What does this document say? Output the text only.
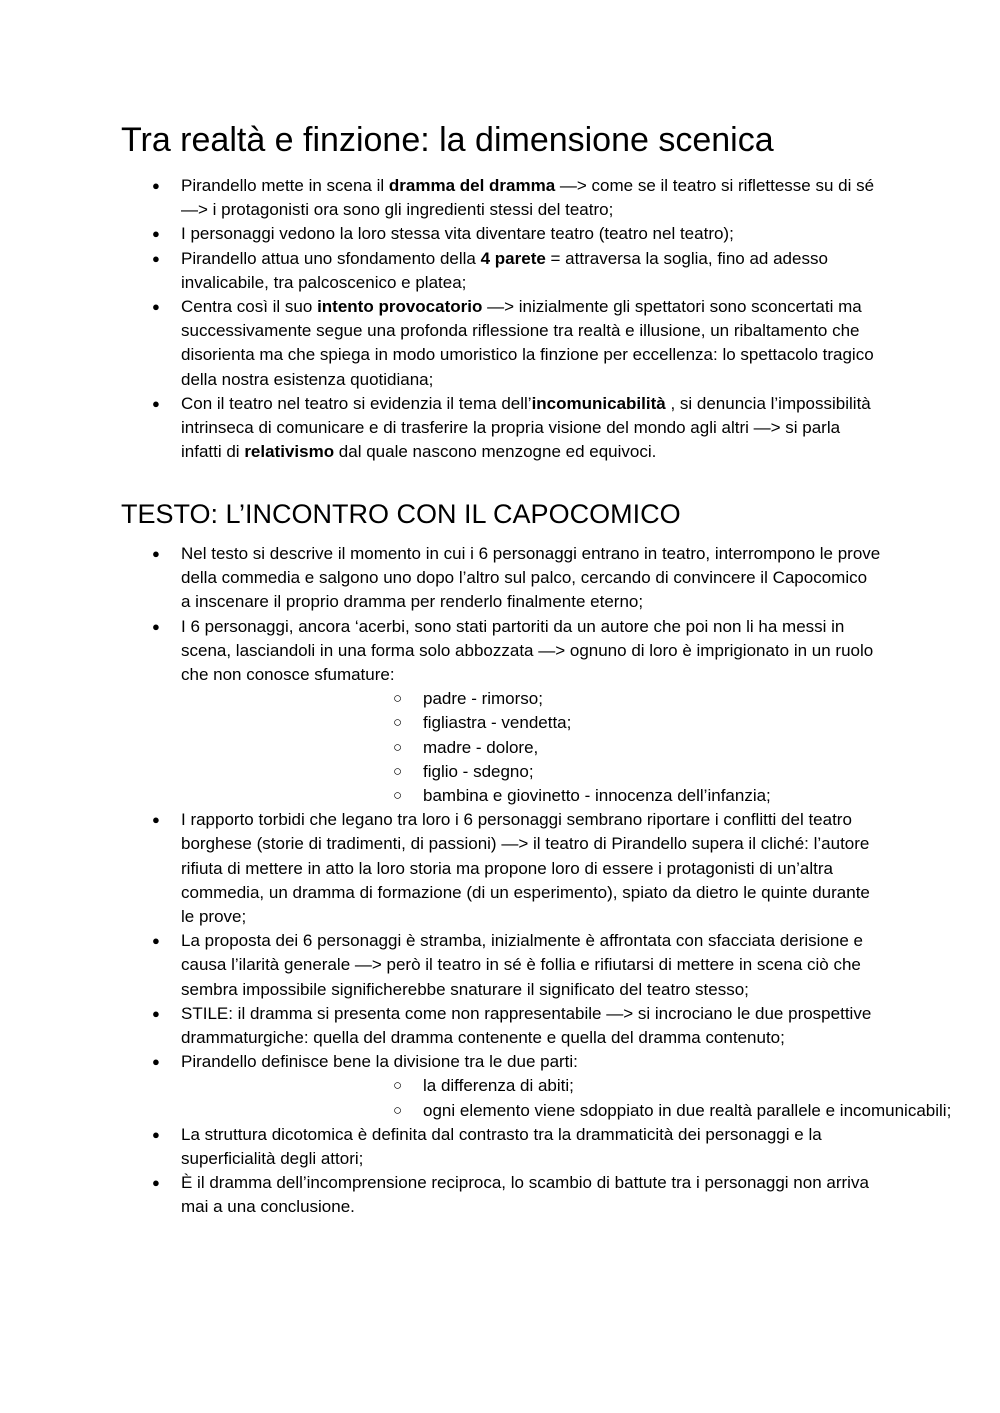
Tra realtà e finzione: la dimensione scenica
● Pirandello mette in scena il dramma del dramma —> come se il teatro si riflettesse su di sé —> i protagonisti ora sono gli ingredienti stessi del teatro;
● I personaggi vedono la loro stessa vita diventare teatro (teatro nel teatro);
● Pirandello attua uno sfondamento della 4 parete = attraversa la soglia, fino ad adesso invalicabile, tra palcoscenico e platea;
● Centra così il suo intento provocatorio —> inizialmente gli spettatori sono sconcertati ma successivamente segue una profonda riflessione tra realtà e illusione, un ribaltamento che disorienta ma che spiega in modo umoristico la finzione per eccellenza: lo spettacolo tragico della nostra esistenza quotidiana;
● Con il teatro nel teatro si evidenzia il tema dell’incomunicabilità , si denuncia l’impossibilità intrinseca di comunicare e di trasferire la propria visione del mondo agli altri —> si parla infatti di relativismo dal quale nascono menzogne ed equivoci.
TESTO: L’INCONTRO CON IL CAPOCOMICO
● Nel testo si descrive il momento in cui i 6 personaggi entrano in teatro, interrompono le prove della commedia e salgono uno dopo l’altro sul palco, cercando di convincere il Capocomico a inscenare il proprio dramma per renderlo finalmente eterno;
● I 6 personaggi, ancora ‘acerbi, sono stati partoriti da un autore che poi non li ha messi in scena, lasciandoli in una forma solo abbozzata —> ognuno di loro è imprigionato in un ruolo che non conosce sfumature:
○ padre - rimorso;
○ figliastra - vendetta;
○ madre - dolore,
○ figlio - sdegno;
○ bambina e giovinetto - innocenza dell’infanzia;
● I rapporto torbidi che legano tra loro i 6 personaggi sembrano riportare i conflitti del teatro borghese (storie di tradimenti, di passioni) —> il teatro di Pirandello supera il cliché: l’autore rifiuta di mettere in atto la loro storia ma propone loro di essere i protagonisti di un’altra commedia, un dramma di formazione (di un esperimento), spiato da dietro le quinte durante le prove;
● La proposta dei 6 personaggi è stramba, inizialmente è affrontata con sfacciata derisione e causa l’ilarità generale —> però il teatro in sé è follia e rifiutarsi di mettere in scena ciò che sembra impossibile significherebbe snaturare il significato del teatro stesso;
● STILE: il dramma si presenta come non rappresentabile —> si incrociano le due prospettive drammaturgiche: quella del dramma contenente e quella del dramma contenuto;
● Pirandello definisce bene la divisione tra le due parti:
○ la differenza di abiti;
○ ogni elemento viene sdoppiato in due realtà parallele e incomunicabili;
● La struttura dicotomica è definita dal contrasto tra la drammaticità dei personaggi e la superficialità degli attori;
● È il dramma dell’incomprensione reciproca, lo scambio di battute tra i personaggi non arriva mai a una conclusione.
